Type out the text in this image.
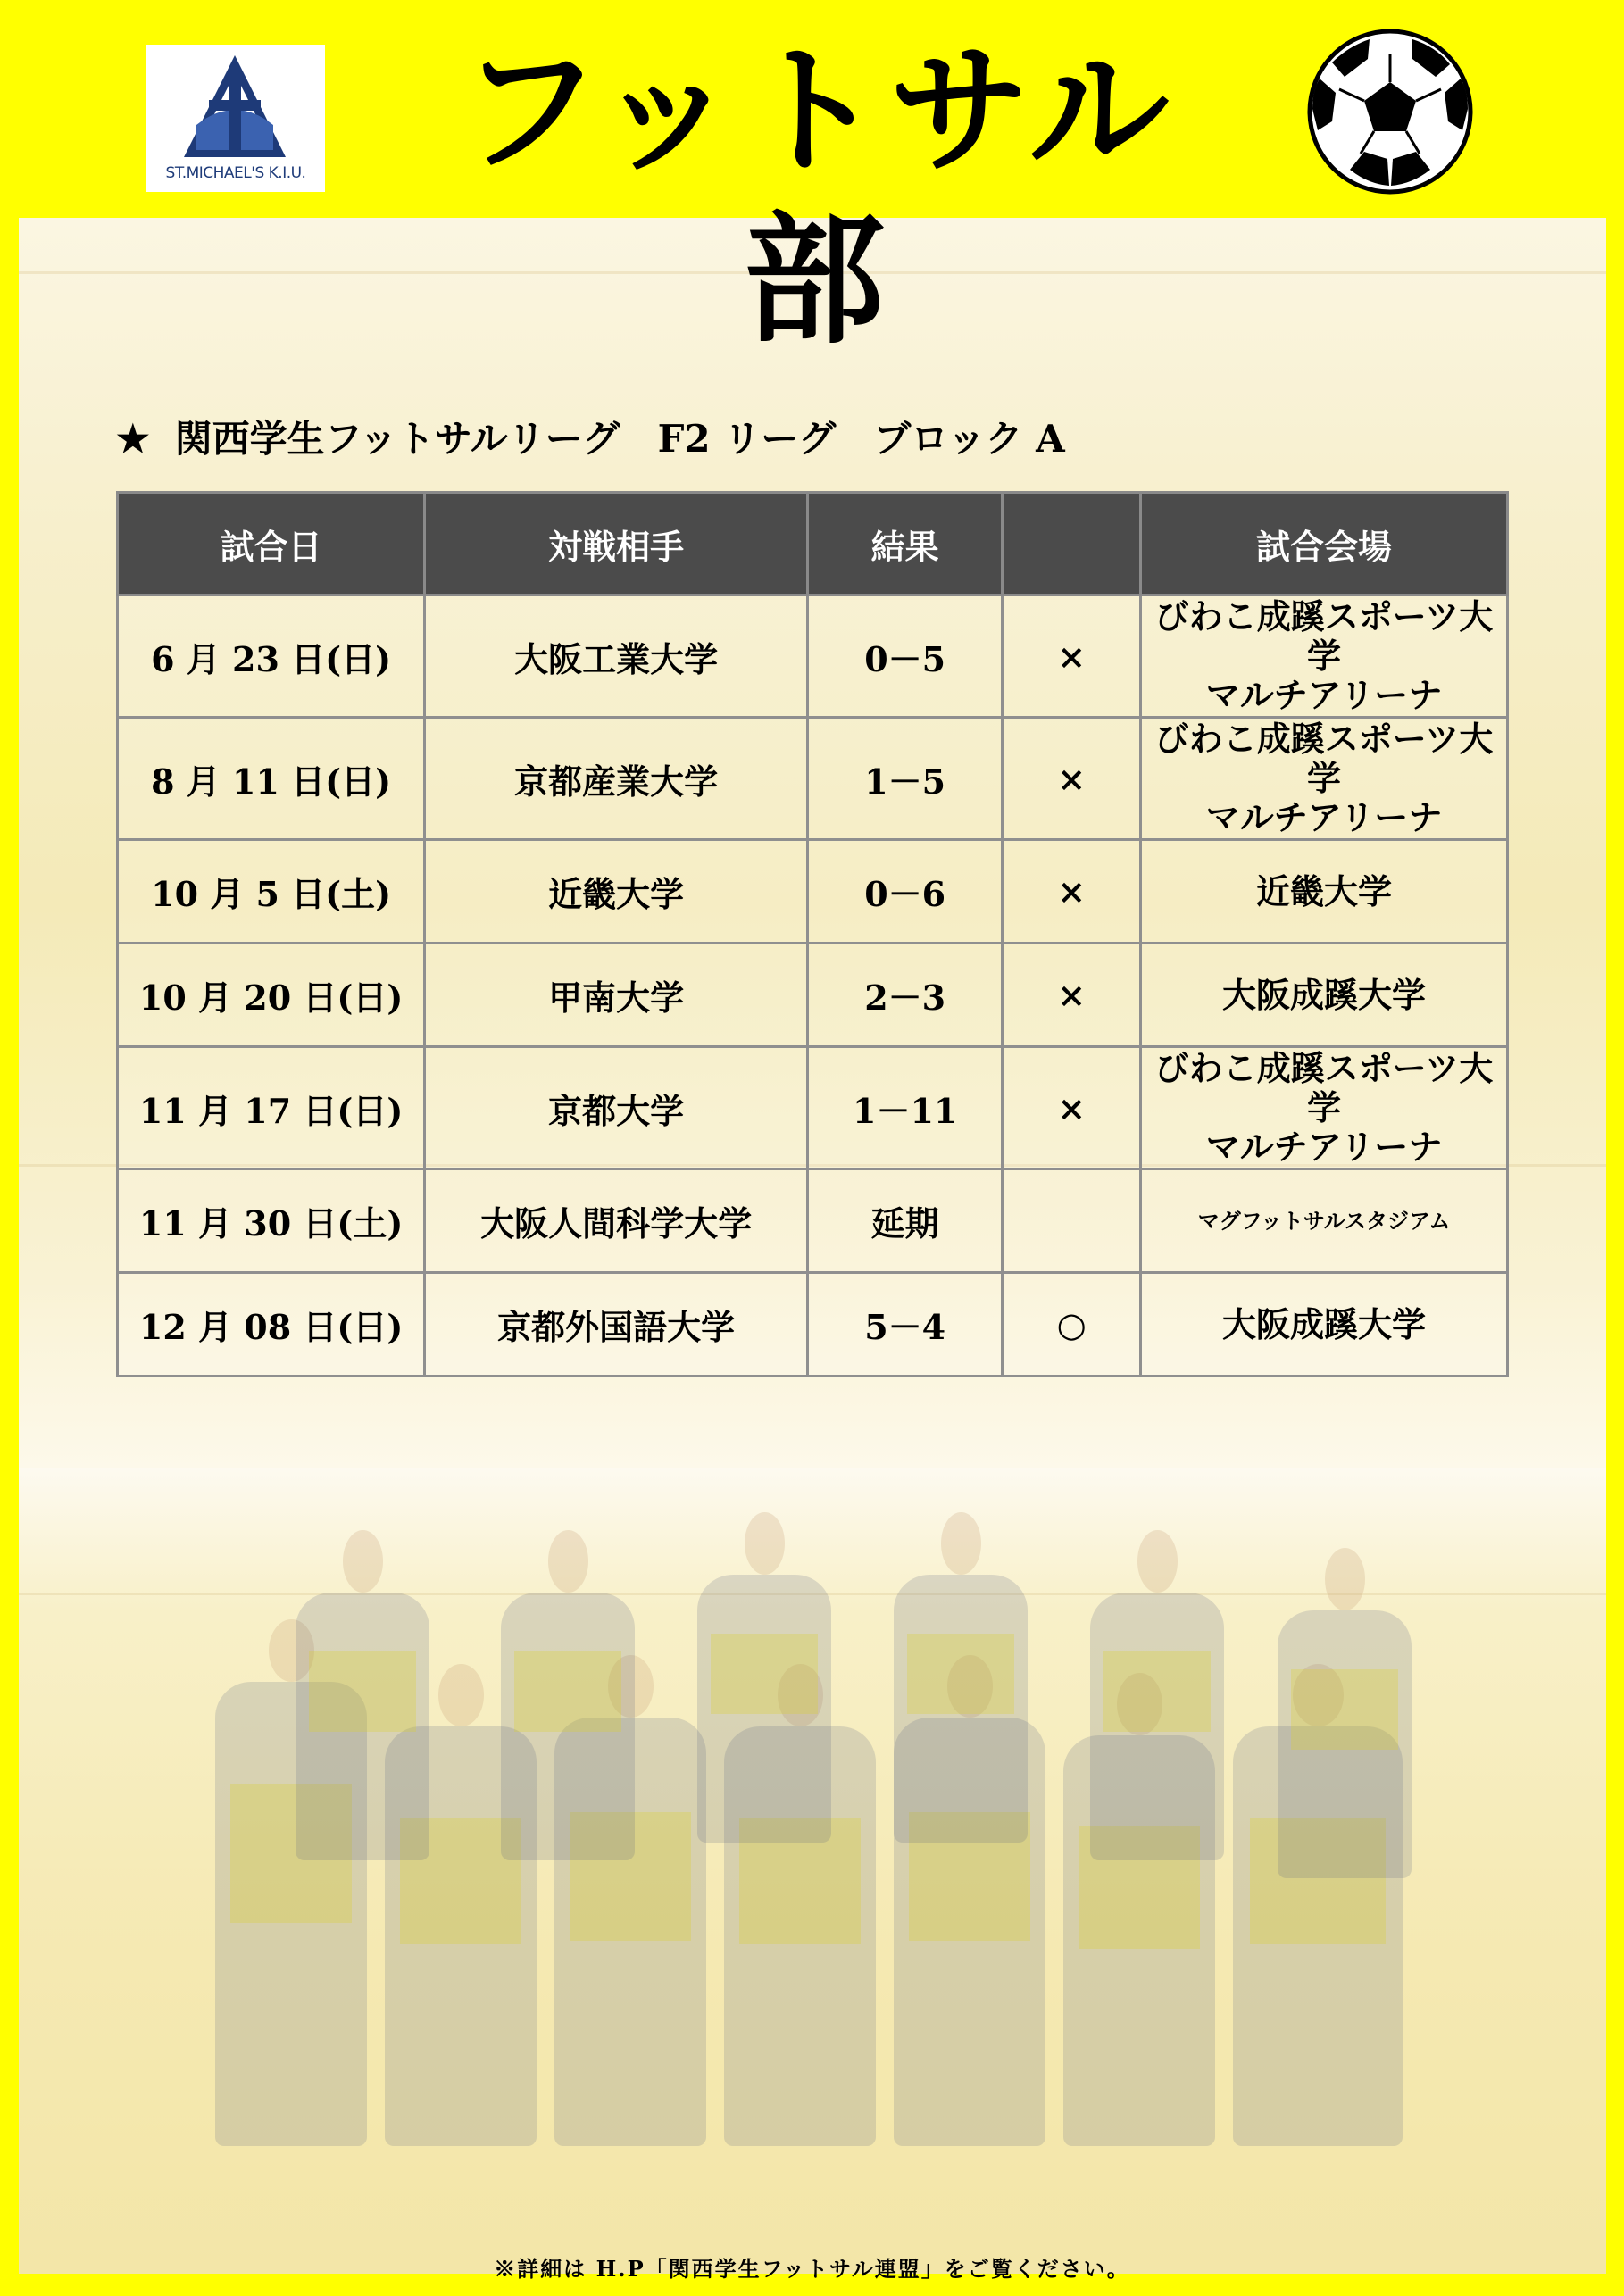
ST.MICHAEL'S K.I.U.	フットサル部
★ 関西学生フットサルリーグ　F2 リーグ　ブロック A
試合日	対戦相手	結果		試合会場
6 月 23 日(日)	大阪工業大学	0－5	×	びわこ成蹊スポーツ大学
マルチアリーナ

8 月 11 日(日)	京都産業大学	1－5	×	びわこ成蹊スポーツ大学
マルチアリーナ

10 月 5 日(土)	近畿大学	0－6	×	近畿大学

10 月 20 日(日)	甲南大学	2－3	×	大阪成蹊大学

11 月 17 日(日)	京都大学	1－11	×	びわこ成蹊スポーツ大学
マルチアリーナ

11 月 30 日(土)	大阪人間科学大学	延期		マグフットサルスタジアム

12 月 08 日(日)	京都外国語大学	5－4	○	大阪成蹊大学
※詳細は H.P「関西学生フットサル連盟」をご覧ください。
